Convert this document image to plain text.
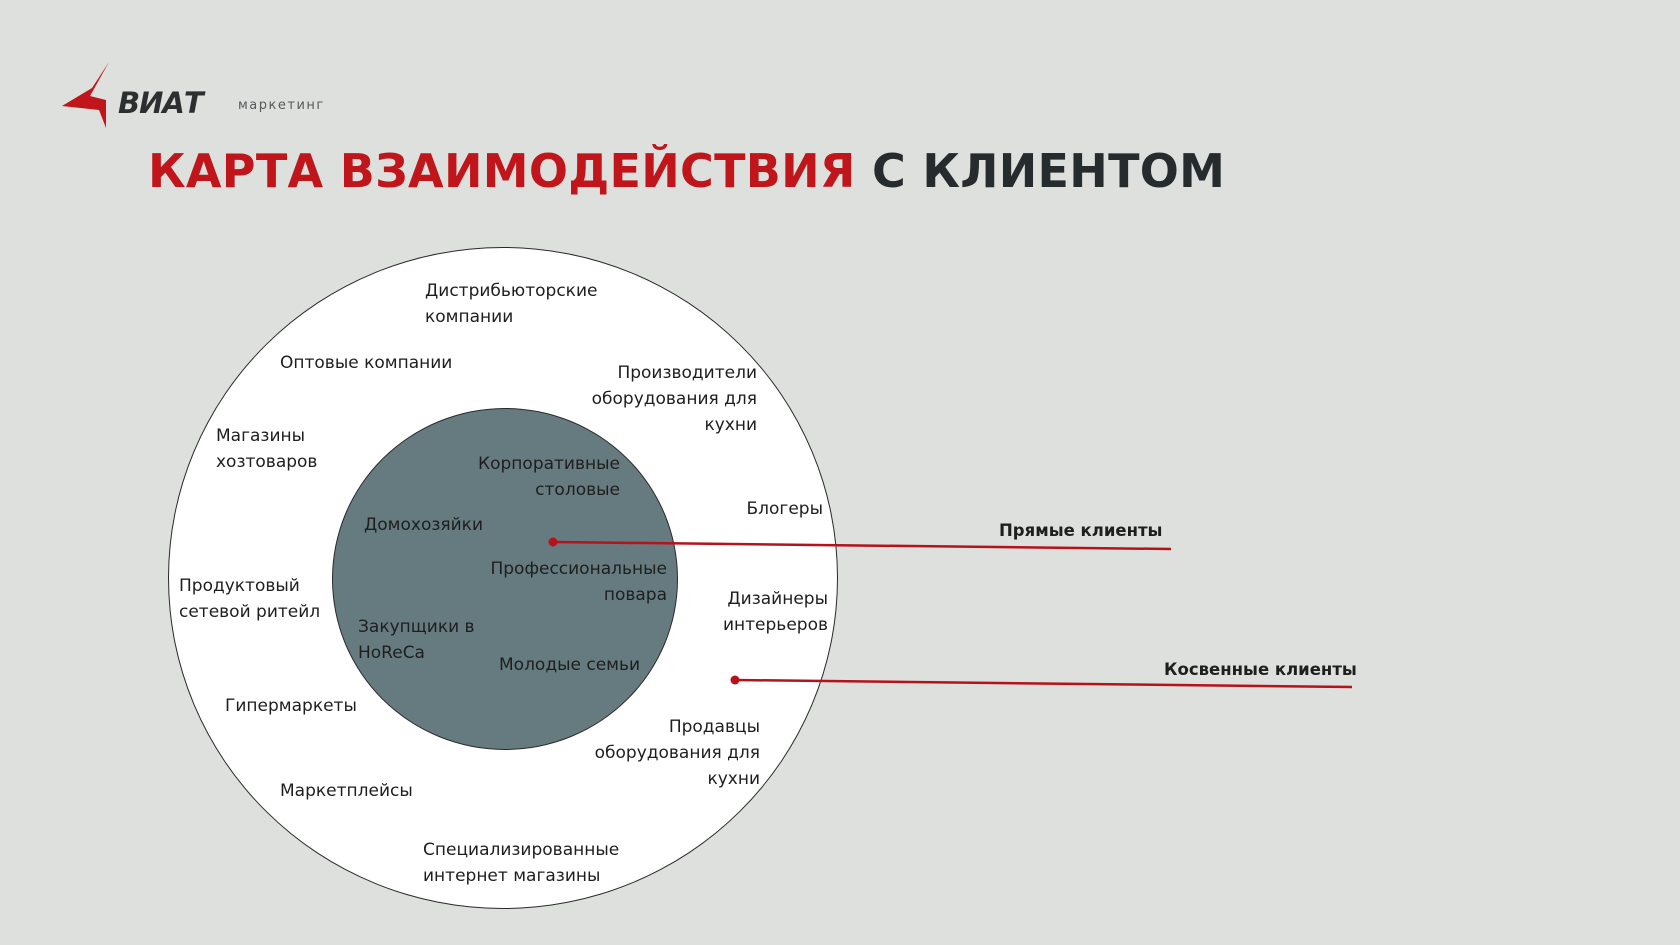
ВИАТ	маркетинг
КАРТА ВЗАИМОДЕЙСТВИЯ С КЛИЕНТОМ
Дистрибьюторские
компании
Оптовые компании	Производители
оборудования для
кухни
Магазины
хозтоваров
Блогеры
Продуктовый
сетевой ритейл
Дизайнеры
интерьеров
Гипермаркеты
Продавцы
оборудования для
кухни
Маркетплейсы
Специализированные
интернет магазины
Корпоративные
столовые
Домохозяйки
Профессиональные
повара
Закупщики в
HoReCa
Молодые семьи
Прямые клиенты
Косвенные клиенты
